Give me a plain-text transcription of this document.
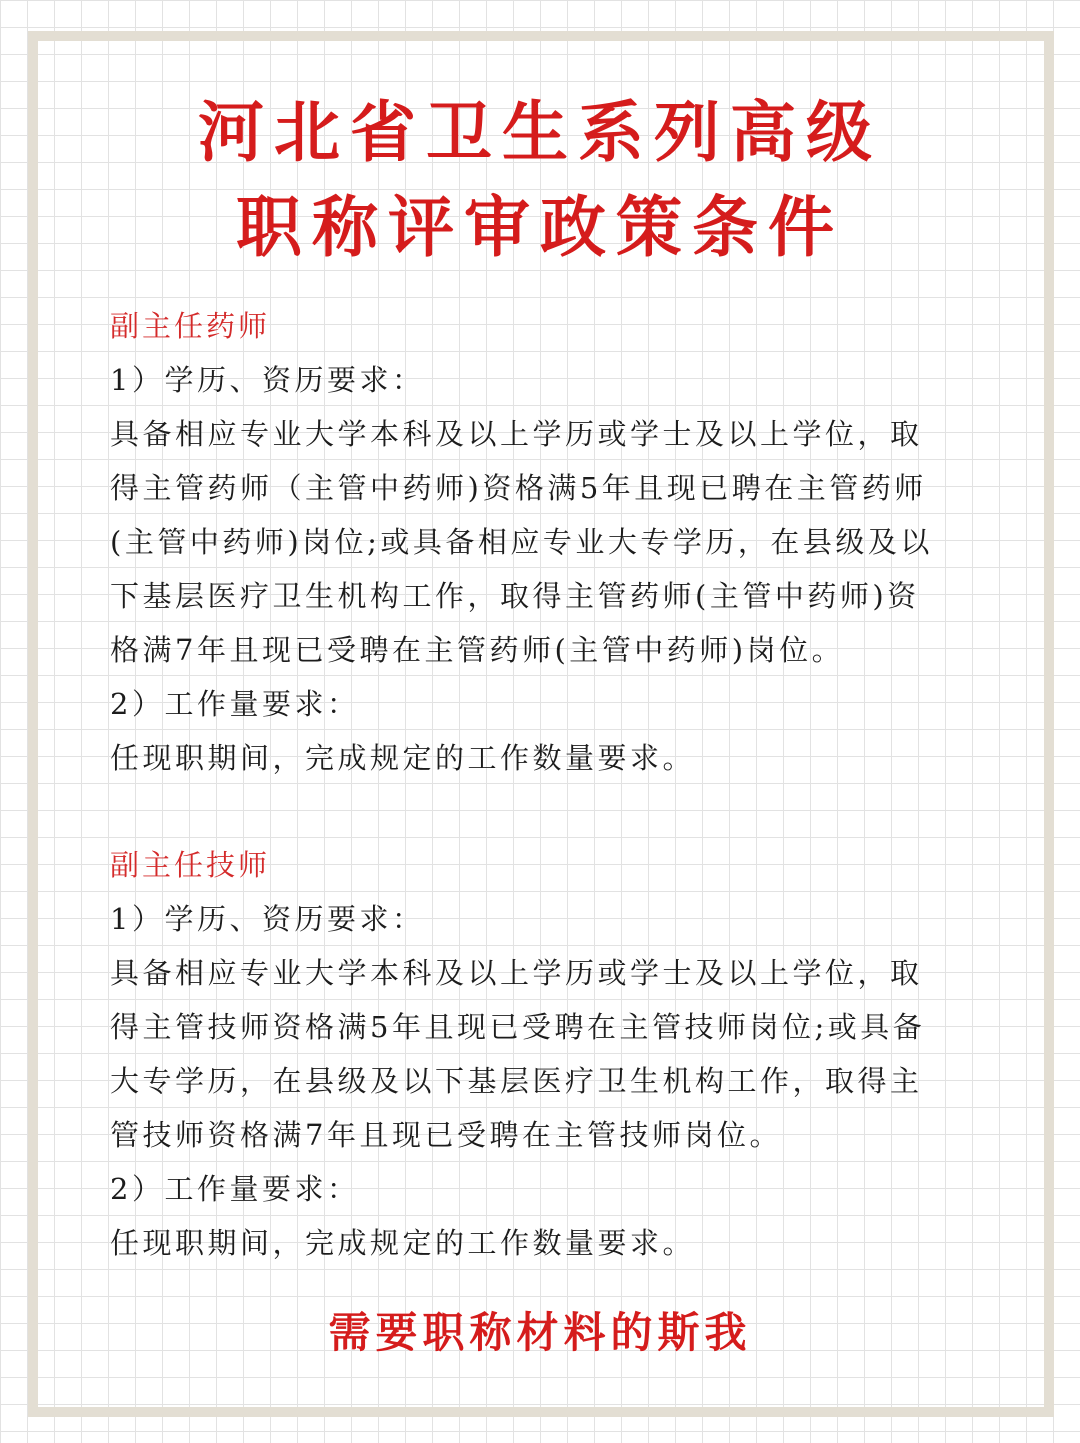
河北省卫生系列高级
职称评审政策条件
副主任药师
1）学历、资历要求：
具备相应专业大学本科及以上学历或学士及以上学位，取
得主管药师（主管中药师)资格满5年且现已聘在主管药师
(主管中药师)岗位;或具备相应专业大专学历，在县级及以
下基层医疗卫生机构工作，取得主管药师(主管中药师)资
格满7年且现已受聘在主管药师(主管中药师)岗位。
2）工作量要求：
任现职期间，完成规定的工作数量要求。
副主任技师
1）学历、资历要求：
具备相应专业大学本科及以上学历或学士及以上学位，取
得主管技师资格满5年且现已受聘在主管技师岗位;或具备
大专学历，在县级及以下基层医疗卫生机构工作，取得主
管技师资格满7年且现已受聘在主管技师岗位。
2）工作量要求：
任现职期间，完成规定的工作数量要求。
需要职称材料的斯我
